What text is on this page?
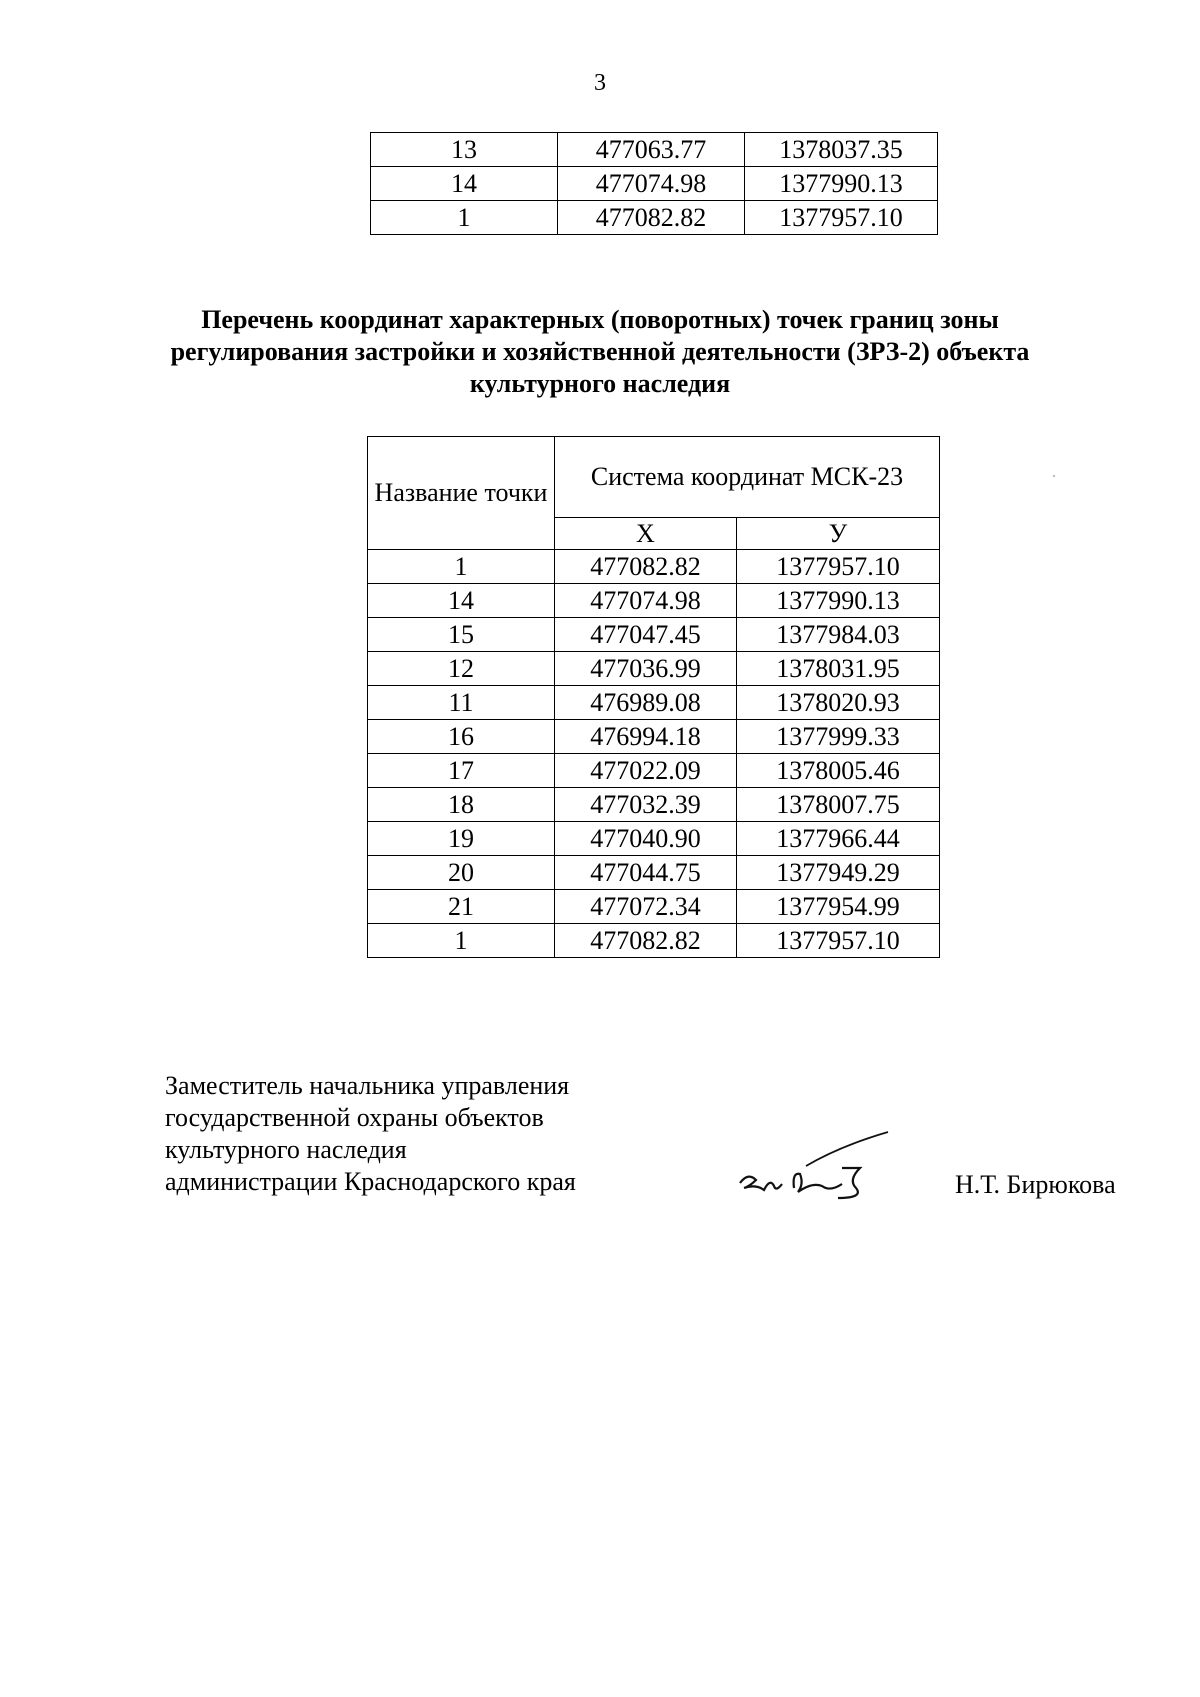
3
13	477063.77	1378037.35
14	477074.98	1377990.13
1	477082.82	1377957.10
Перечень координат характерных (поворотных) точек границ зоны
регулирования застройки и хозяйственной деятельности (ЗРЗ-2) объекта
культурного наследия
Название точки	Система координат МСК-23	
	Х	У
1	477082.82	1377957.10
14	477074.98	1377990.13
15	477047.45	1377984.03
12	477036.99	1378031.95
11	476989.08	1378020.93
16	476994.18	1377999.33
17	477022.09	1378005.46
18	477032.39	1378007.75
19	477040.90	1377966.44
20	477044.75	1377949.29
21	477072.34	1377954.99
1	477082.82	1377957.10
Заместитель начальника управления
государственной охраны объектов
культурного наследия
администрации Краснодарского края	Н.Т. Бирюкова
